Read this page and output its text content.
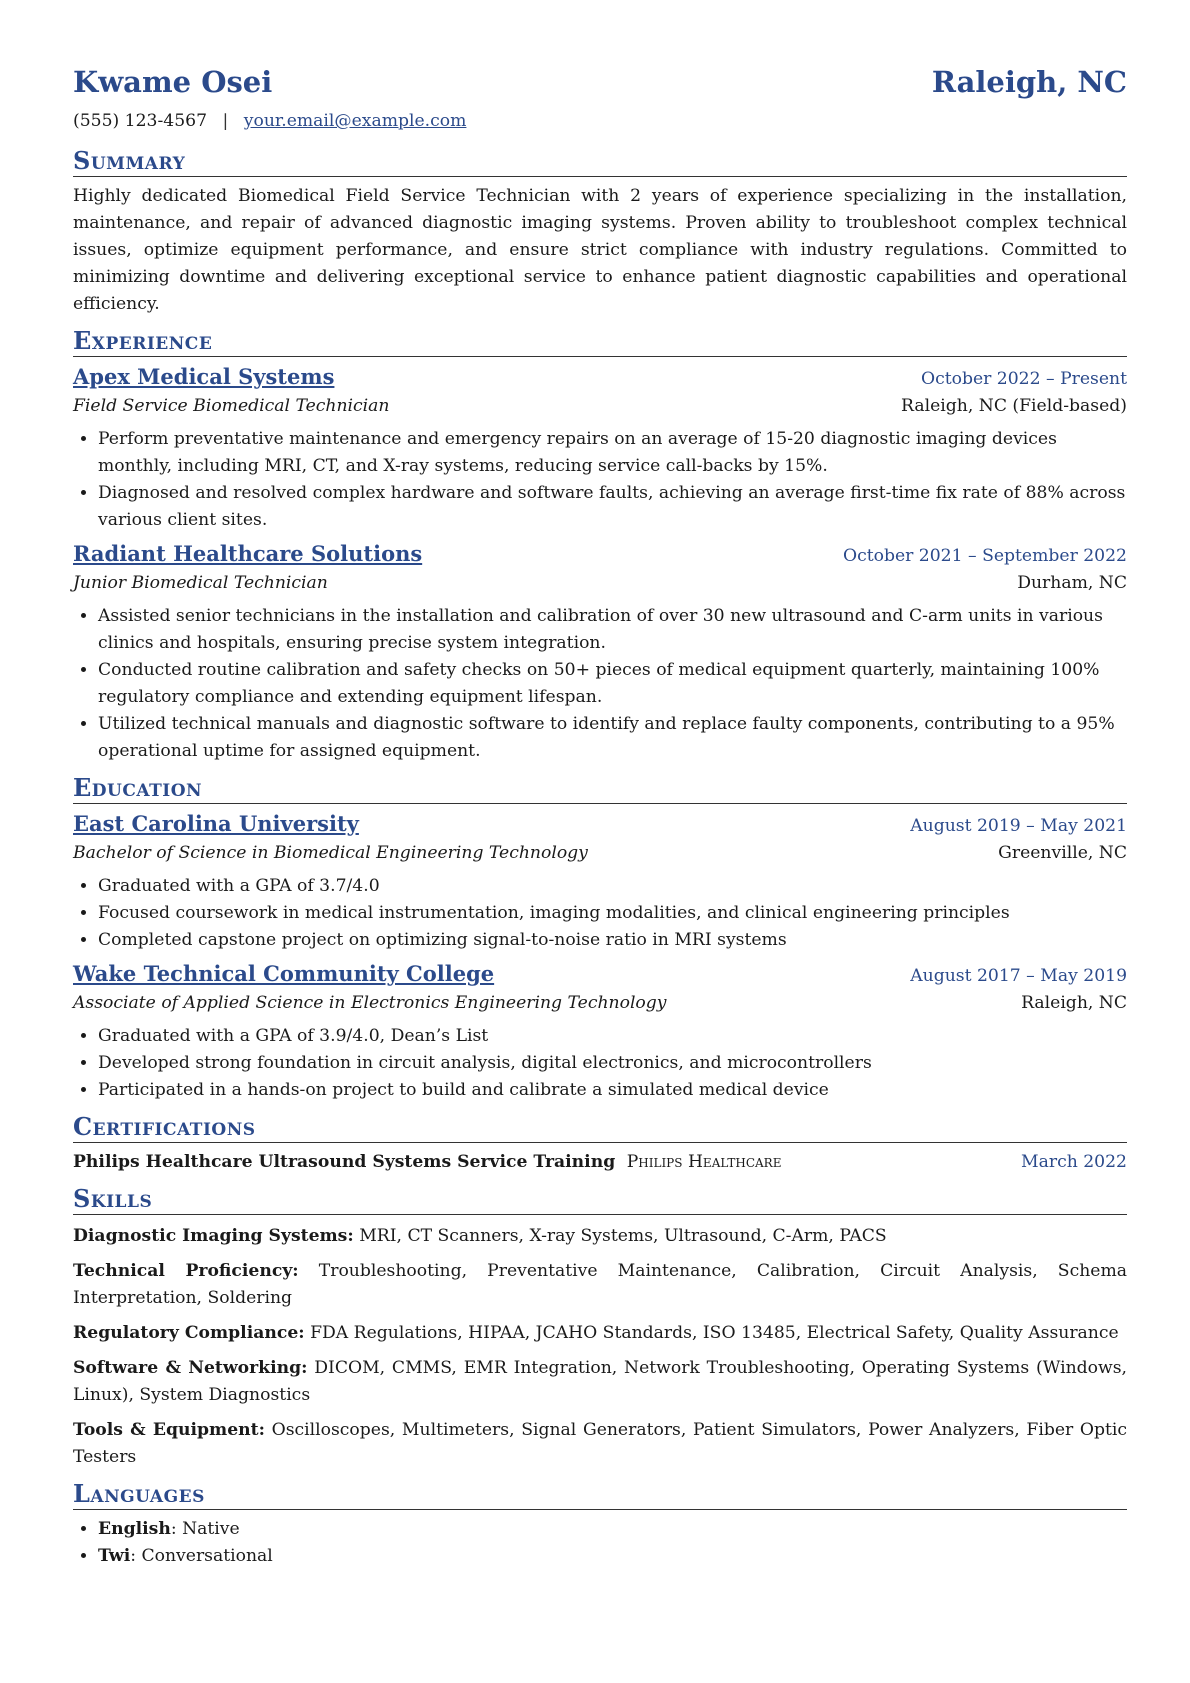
Kwame Osei	Raleigh, NC
(555) 123-4567 | your.email@example.com
Summary
Highly dedicated Biomedical Field Service Technician with 2 years of experience specializing in the installation, maintenance, and repair of advanced diagnostic imaging systems. Proven ability to troubleshoot complex technical issues, optimize equipment performance, and ensure strict compliance with industry regulations. Committed to minimizing downtime and delivering exceptional service to enhance patient diagnostic capabilities and operational efficiency.
Experience
Apex Medical Systems	October 2022 – Present
Field Service Biomedical Technician	Raleigh, NC (Field-based)
• Perform preventative maintenance and emergency repairs on an average of 15-20 diagnostic imaging devices monthly, including MRI, CT, and X-ray systems, reducing service call-backs by 15%.
• Diagnosed and resolved complex hardware and software faults, achieving an average first-time fix rate of 88% across various client sites.
Radiant Healthcare Solutions	October 2021 – September 2022
Junior Biomedical Technician	Durham, NC
• Assisted senior technicians in the installation and calibration of over 30 new ultrasound and C-arm units in various clinics and hospitals, ensuring precise system integration.
• Conducted routine calibration and safety checks on 50+ pieces of medical equipment quarterly, maintaining 100% regulatory compliance and extending equipment lifespan.
• Utilized technical manuals and diagnostic software to identify and replace faulty components, contributing to a 95% operational uptime for assigned equipment.
Education
East Carolina University	August 2019 – May 2021
Bachelor of Science in Biomedical Engineering Technology	Greenville, NC
• Graduated with a GPA of 3.7/4.0
• Focused coursework in medical instrumentation, imaging modalities, and clinical engineering principles
• Completed capstone project on optimizing signal-to-noise ratio in MRI systems
Wake Technical Community College	August 2017 – May 2019
Associate of Applied Science in Electronics Engineering Technology	Raleigh, NC
• Graduated with a GPA of 3.9/4.0, Dean’s List
• Developed strong foundation in circuit analysis, digital electronics, and microcontrollers
• Participated in a hands-on project to build and calibrate a simulated medical device
Certifications
Philips Healthcare Ultrasound Systems Service Training Philips Healthcare	March 2022
Skills
Diagnostic Imaging Systems: MRI, CT Scanners, X-ray Systems, Ultrasound, C-Arm, PACS
Technical Proficiency: Troubleshooting, Preventative Maintenance, Calibration, Circuit Analysis, Schema Interpretation, Soldering
Regulatory Compliance: FDA Regulations, HIPAA, JCAHO Standards, ISO 13485, Electrical Safety, Quality Assurance
Software & Networking: DICOM, CMMS, EMR Integration, Network Troubleshooting, Operating Systems (Windows, Linux), System Diagnostics
Tools & Equipment: Oscilloscopes, Multimeters, Signal Generators, Patient Simulators, Power Analyzers, Fiber Optic Testers
Languages
• English: Native
• Twi: Conversational
